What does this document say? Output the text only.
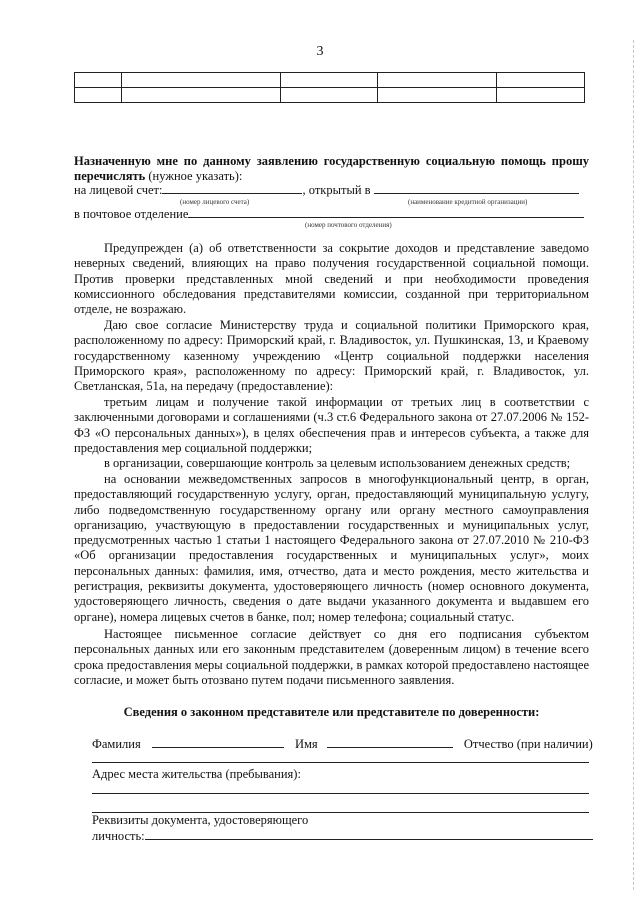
3

Назначенную мне по данному заявлению государственную социальную помощь прошу перечислять (нужное указать):
на лицевой счет:	, открытый в
(номер лицевого счета)	(наименование кредитной организации)
в почтовое отделение
(номер почтового отделения)

Предупрежден (а) об ответственности за сокрытие доходов и представление заведомо неверных сведений, влияющих на право получения государственной социальной помощи. Против проверки представленных мной сведений и при необходимости проведения комиссионного обследования представителями комиссии, созданной при территориальном отделе, не возражаю.

Даю свое согласие Министерству труда и социальной политики Приморского края, расположенному по адресу: Приморский край, г. Владивосток, ул. Пушкинская, 13, и Краевому государственному казенному учреждению «Центр социальной поддержки населения Приморского края», расположенному по адресу: Приморский край, г. Владивосток, ул. Светланская, 51а, на передачу (предоставление):

третьим лицам и получение такой информации от третьих лиц в соответствии с заключенными договорами и соглашениями (ч.3 ст.6 Федерального закона от 27.07.2006 № 152-ФЗ «О персональных данных»), в целях обеспечения прав и интересов субъекта, а также для предоставления мер социальной поддержки;

в организации, совершающие контроль за целевым использованием денежных средств;

на основании межведомственных запросов в многофункциональный центр, в орган, предоставляющий государственную услугу, орган, предоставляющий муниципальную услугу, либо подведомственную государственному органу или органу местного самоуправления организацию, участвующую в предоставлении государственных и муниципальных услуг, предусмотренных частью 1 статьи 1 настоящего Федерального закона от 27.07.2010 № 210-ФЗ «Об организации предоставления государственных и муниципальных услуг», моих персональных данных: фамилия, имя, отчество, дата и место рождения, место жительства и регистрация, реквизиты документа, удостоверяющего личность (номер основного документа, удостоверяющего личность, сведения о дате выдачи указанного документа и выдавшем его органе), номера лицевых счетов в банке, пол; номер телефона; социальный статус.

Настоящее письменное согласие действует со дня его подписания субъектом персональных данных или его законным представителем (доверенным лицом) в течение всего срока предоставления меры социальной поддержки, в рамках которой предоставлено настоящее согласие, и может быть отозвано путем подачи письменного заявления.

Сведения о законном представителе или представителе по доверенности:
Фамилия	Имя	Отчество (при наличии)
Адрес места жительства (пребывания):
Реквизиты документа, удостоверяющего
личность:
